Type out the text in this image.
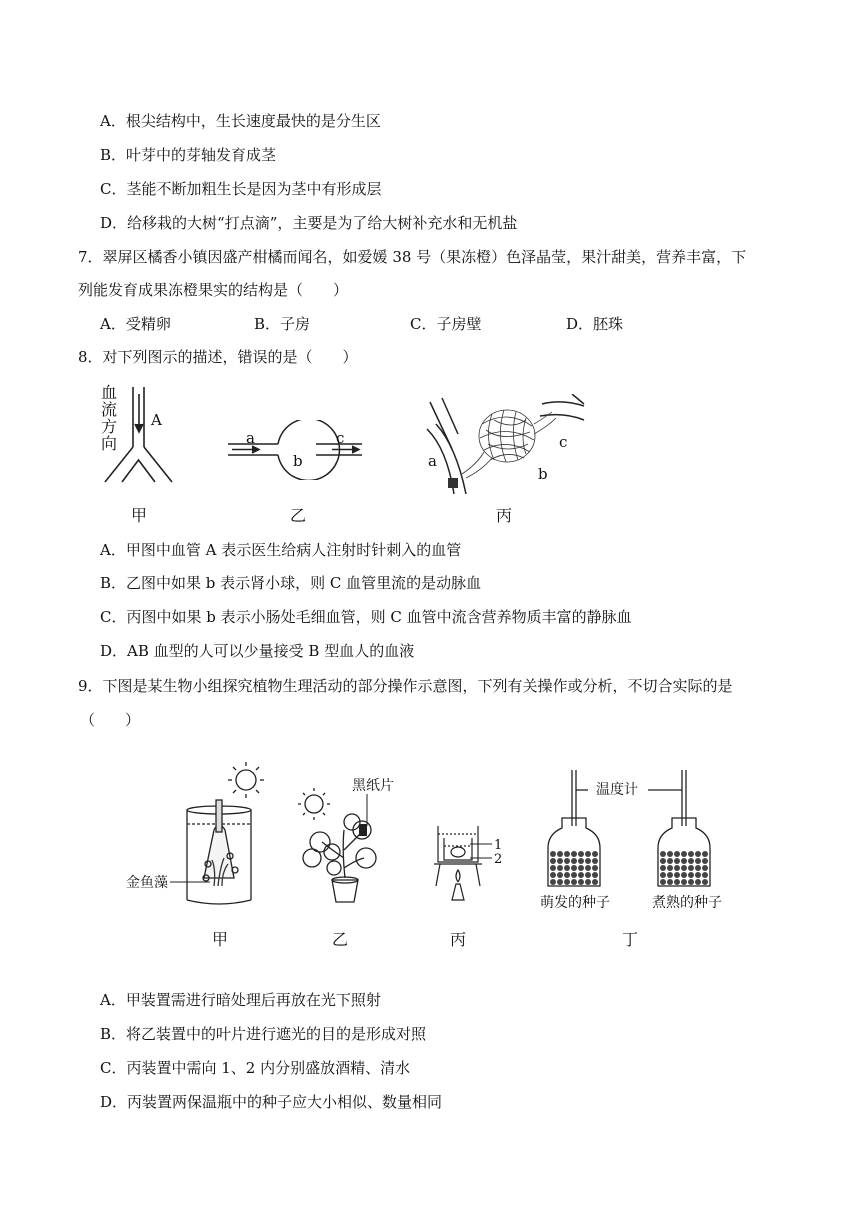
A．根尖结构中，生长速度最快的是分生区
B．叶芽中的芽轴发育成茎
C．茎能不断加粗生长是因为茎中有形成层
D．给移栽的大树“打点滴”，主要是为了给大树补充水和无机盐
7．翠屏区橘香小镇因盛产柑橘而闻名，如爱媛 38 号（果冻橙）色泽晶莹，果汁甜美，营养丰富，下
列能发育成果冻橙果实的结构是（　　）
A．受精卵	B．子房	C．子房壁	D．胚珠
8．对下列图示的描述，错误的是（　　）
血流方向
A
甲
a
b
c
乙
a
b
c
丙
A．甲图中血管 A 表示医生给病人注射时针刺入的血管
B．乙图中如果 b 表示肾小球，则 C 血管里流的是动脉血
C．丙图中如果 b 表示小肠处毛细血管，则 C 血管中流含营养物质丰富的静脉血
D．AB 血型的人可以少量接受 B 型血人的血液
9．下图是某生物小组探究植物生理活动的部分操作示意图，下列有关操作或分析，不切合实际的是
（　　）
金鱼藻
甲
黑纸片
乙
1
2
丙
温度计
萌发的种子	煮熟的种子
丁
A．甲装置需进行暗处理后再放在光下照射
B．将乙装置中的叶片进行遮光的目的是形成对照
C．丙装置中需向 1、2 内分别盛放酒精、清水
D．丙装置两保温瓶中的种子应大小相似、数量相同
